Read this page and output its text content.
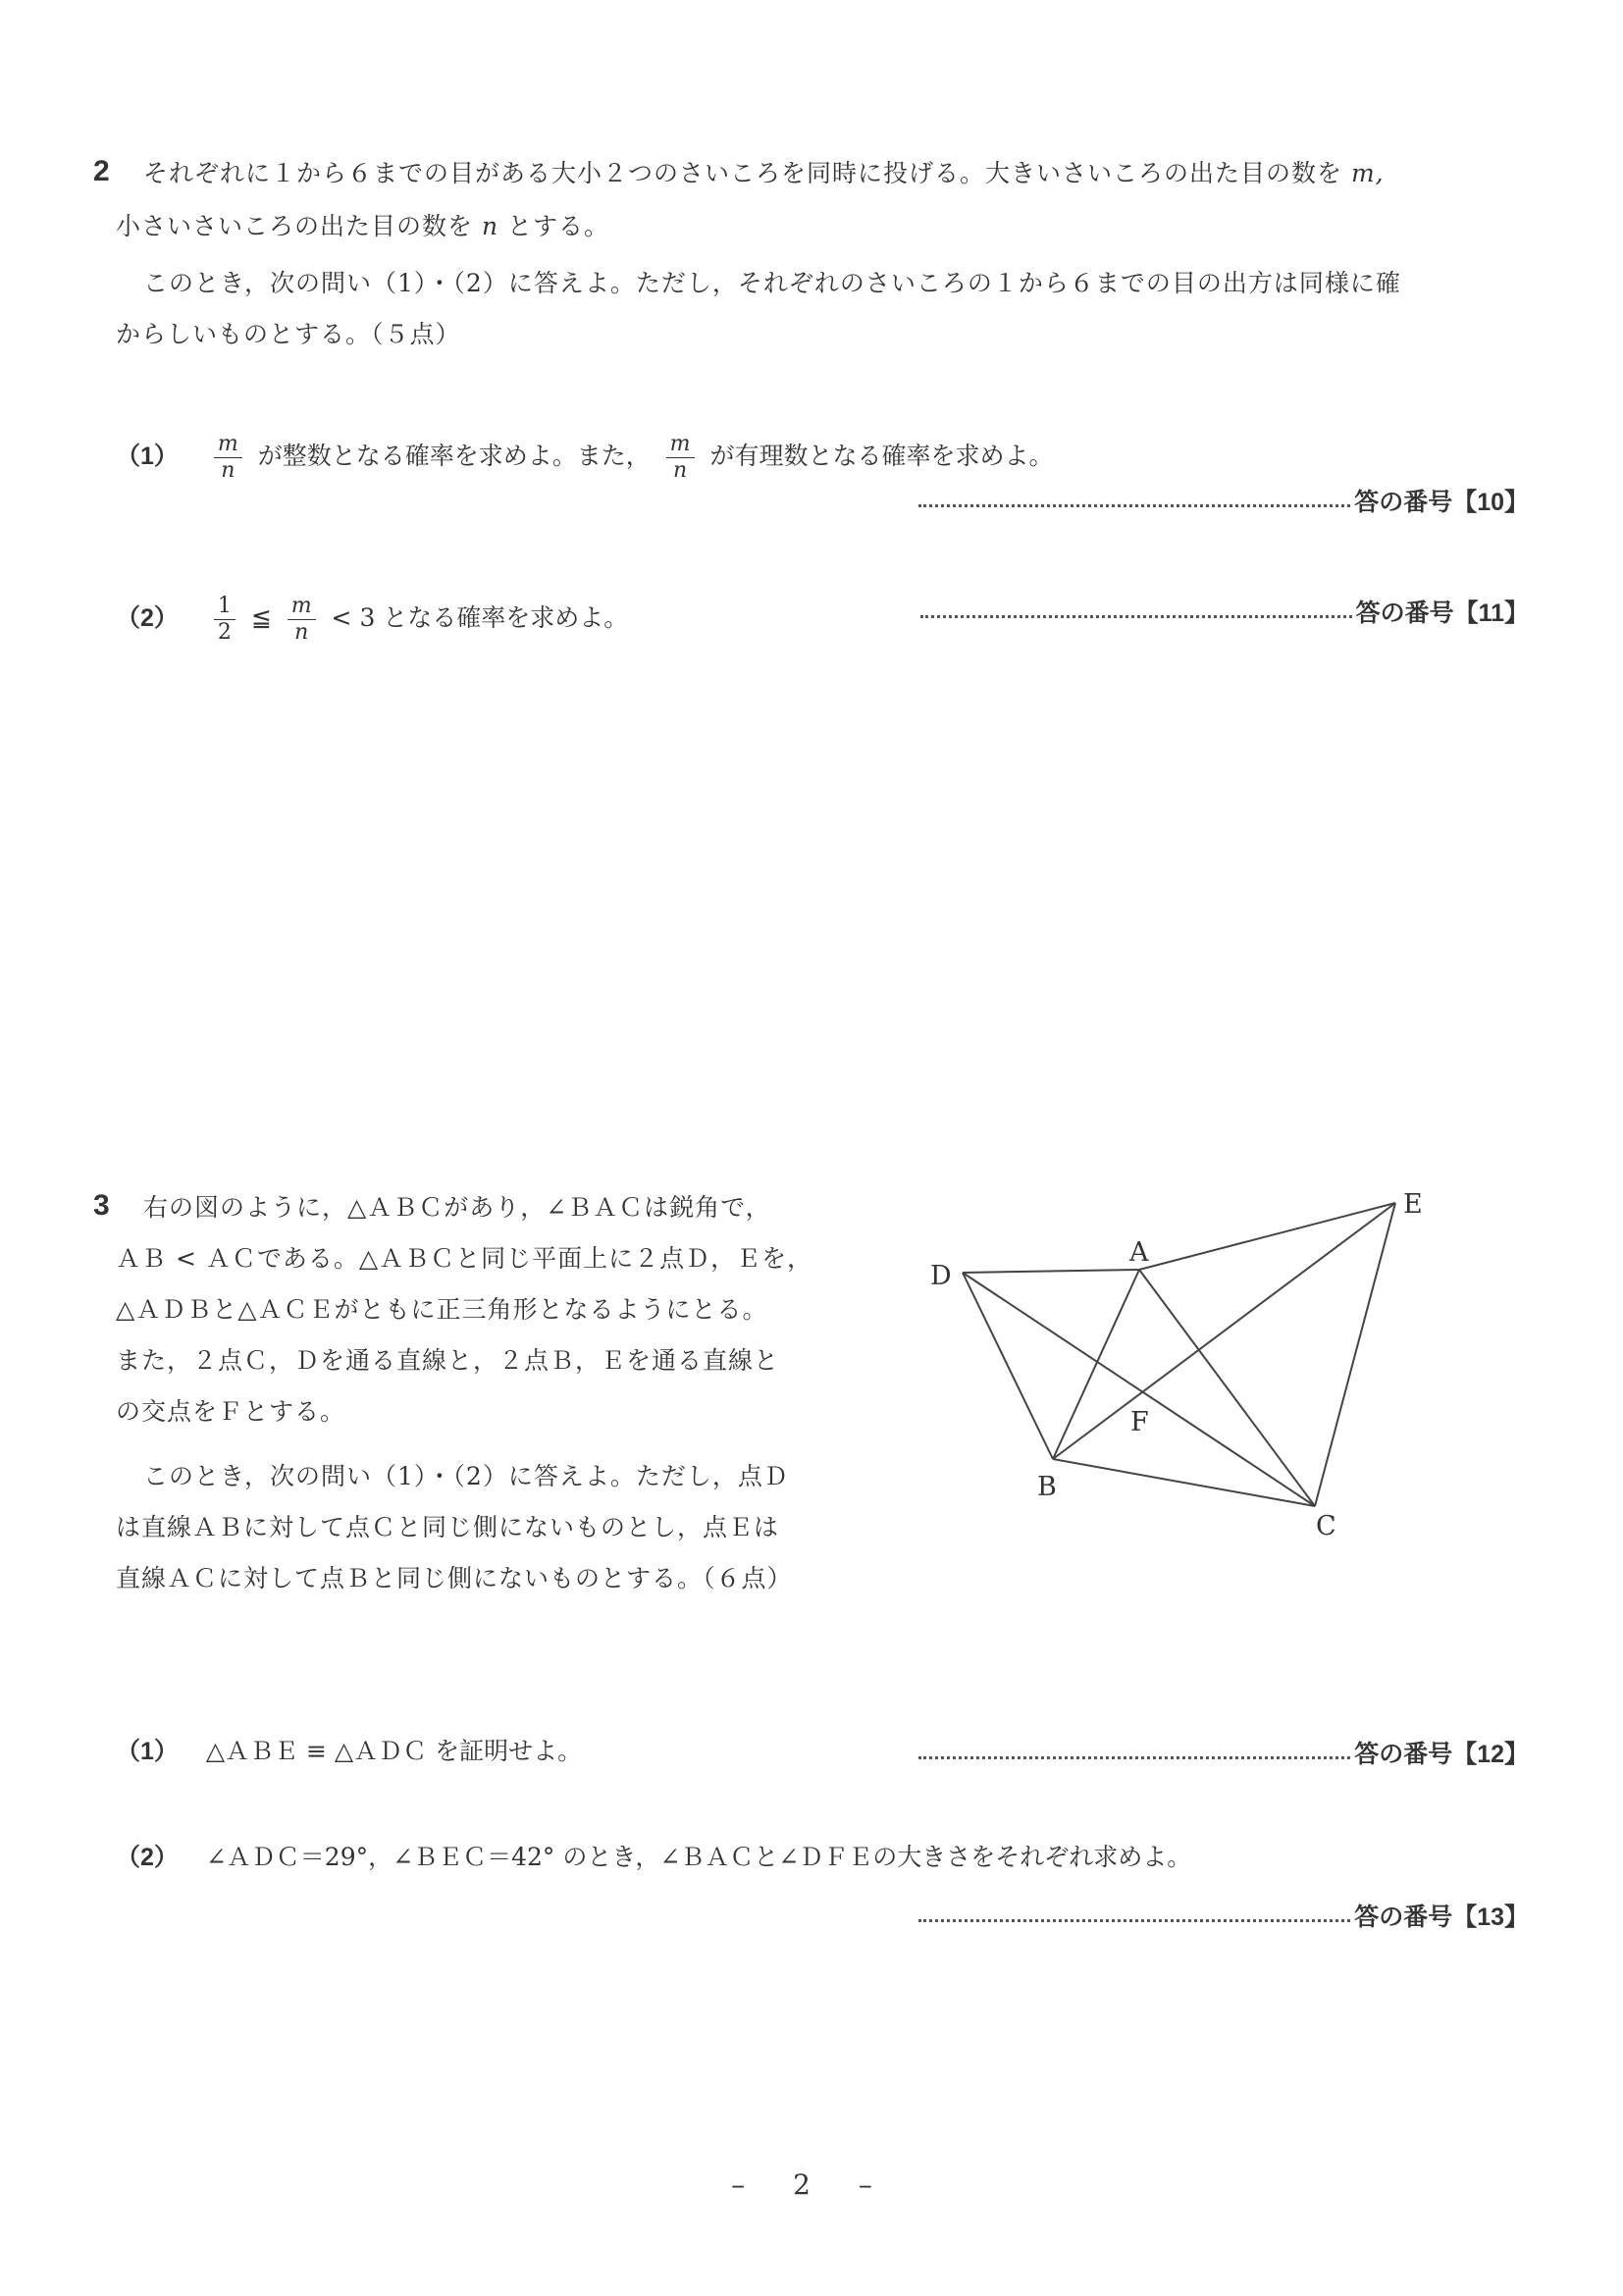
2 それぞれに１から６までの目がある大小２つのさいころを同時に投げる。大きいさいころの出た目の数を m,
小さいさいころの出た目の数を n とする。
このとき，次の問い（1）・（2）に答えよ。ただし，それぞれのさいころの１から６までの目の出方は同様に確
からしいものとする。（５点）
$(1) \frac{m}{n}$ が整数となる確率を求めよ。また， $\frac{m}{n}$ が有理数となる確率を求めよ。
答の番号【10】
$(2) \frac{1}{2}$ ≦ $\frac{m}{n} < 3$ となる確率を求めよ。	答の番号【11】
3 右の図のように，△ＡＢＣがあり，∠ＢＡＣは鋭角で，
ＡＢ < ＡＣである。△ＡＢＣと同じ平面上に２点Ｄ，Ｅを，
△ＡＤＢと△ＡＣＥがともに正三角形となるようにとる。
また，２点Ｃ，Ｄを通る直線と，２点Ｂ，Ｅを通る直線と
の交点をＦとする。
このとき，次の問い（1）・（2）に答えよ。ただし，点Ｄ
は直線ＡＢに対して点Ｃと同じ側にないものとし，点Ｅは
直線ＡＣに対して点Ｂと同じ側にないものとする。（６点）
A
B
C
D
E
F
（1） △ＡＢＥ ≡ △ＡＤＣ を証明せよ。	答の番号【12】
（2） ∠ＡＤＣ＝29°，∠ＢＥＣ＝42° のとき，∠ＢＡＣと∠ＤＦＥの大きさをそれぞれ求めよ。
答の番号【13】
– 2 –
